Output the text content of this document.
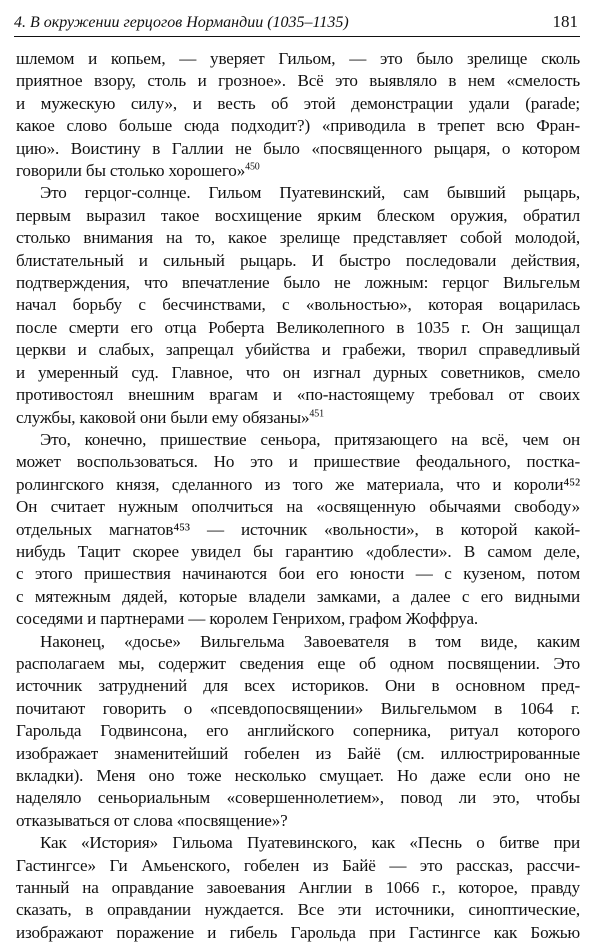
4. В окружении герцогов Нормандии (1035–1135)	181

шлемом и копьем, — уверяет Гильом, — это было зрелище сколь
приятное взору, столь и грозное». Всё это выявляло в нем «смелость
и мужескую силу», и весть об этой демонстрации удали (parade;
какое слово больше сюда подходит?) «приводила в трепет всю Фран-
цию». Воистину в Галлии не было «посвященного рыцаря, о котором
говорили бы столько хорошего»$^{450}$

Это герцог-солнце. Гильом Пуатевинский, сам бывший рыцарь,
первым выразил такое восхищение ярким блеском оружия, обратил
столько внимания на то, какое зрелище представляет собой молодой,
блистательный и сильный рыцарь. И быстро последовали действия,
подтверждения, что впечатление было не ложным: герцог Вильгельм
начал борьбу с бесчинствами, с «вольностью», которая воцарилась
после смерти его отца Роберта Великолепного в 1035 г. Он защищал
церкви и слабых, запрещал убийства и грабежи, творил справедливый
и умеренный суд. Главное, что он изгнал дурных советников, смело
противостоял внешним врагам и «по-настоящему требовал от своих
службы, каковой они были ему обязаны»$^{451}$

Это, конечно, пришествие сеньора, притязающего на всё, чем он
может воспользоваться. Но это и пришествие феодального, постка-
ролингского князя, сделанного из того же материала, что и короли⁴⁵²
Он считает нужным ополчиться на «освященную обычаями свободу»
отдельных магнатов⁴⁵³ — источник «вольности», в которой какой-
нибудь Тацит скорее увидел бы гарантию «доблести». В самом деле,
с этого пришествия начинаются бои его юности — с кузеном, потом
с мятежным дядей, которые владели замками, а далее с его видными
соседями и партнерами — королем Генрихом, графом Жоффруа.

Наконец, «досье» Вильгельма Завоевателя в том виде, каким
располагаем мы, содержит сведения еще об одном посвящении. Это
источник затруднений для всех историков. Они в основном пред-
почитают говорить о «псевдопосвящении» Вильгельмом в 1064 г.
Гарольда Годвинсона, его английского соперника, ритуал которого
изображает знаменитейший гобелен из Байё (см. иллюстрированные
вкладки). Меня оно тоже несколько смущает. Но даже если оно не
наделяло сеньориальным «совершеннолетием», повод ли это, чтобы
отказываться от слова «посвящение»?

Как «История» Гильома Пуатевинского, как «Песнь о битве при
Гастингсе» Ги Амьенского, гобелен из Байё — это рассказ, рассчи-
танный на оправдание завоевания Англии в 1066 г., которое, правду
сказать, в оправдании нуждается. Все эти источники, синоптические,
изображают поражение и гибель Гарольда при Гастингсе как Божью
